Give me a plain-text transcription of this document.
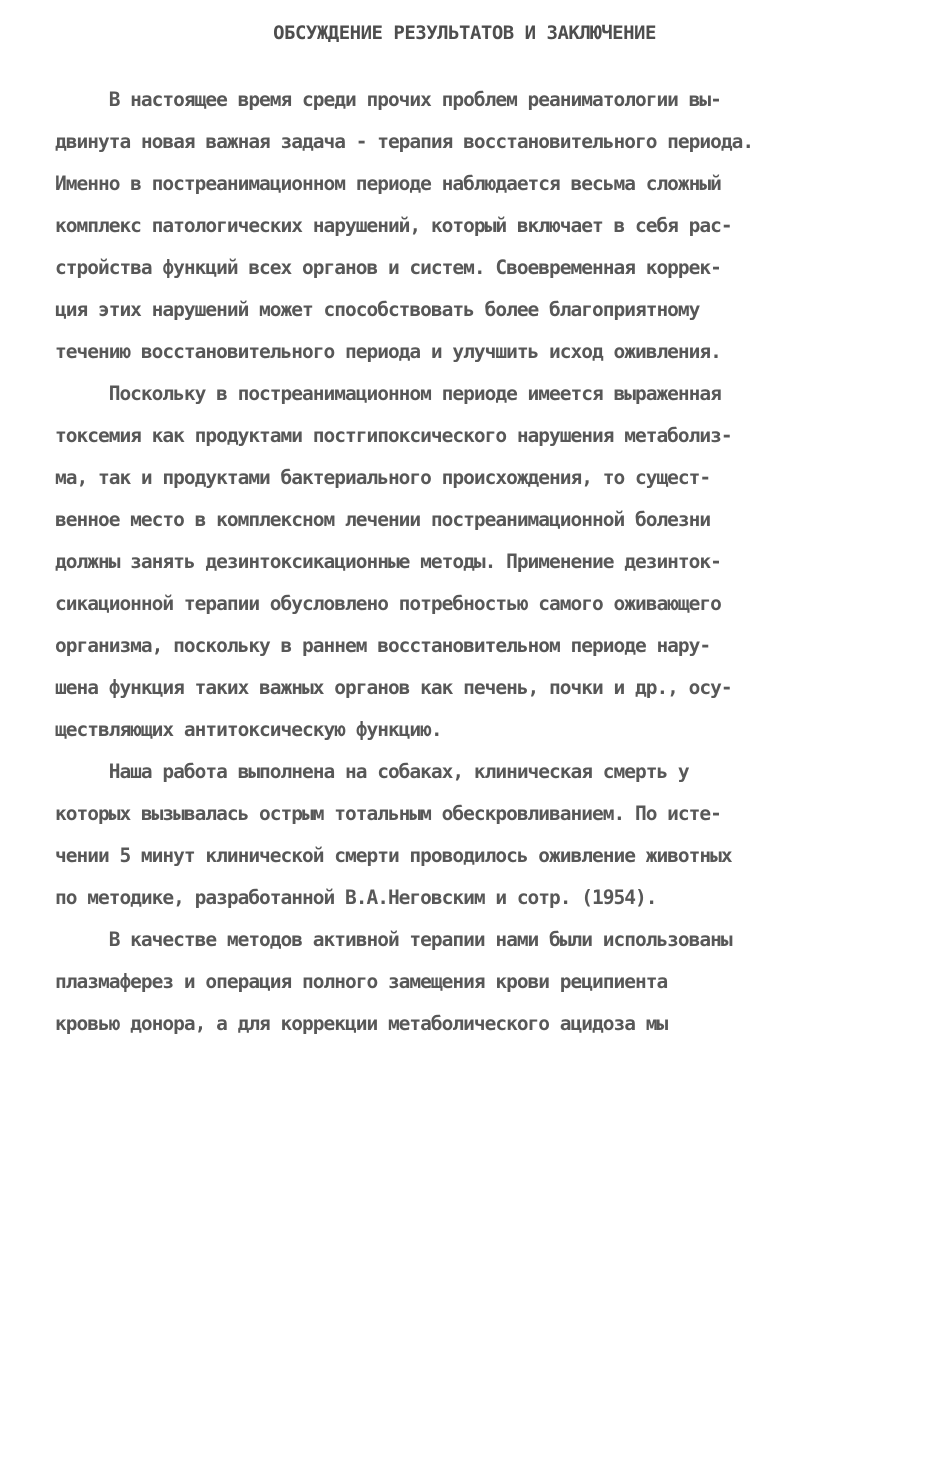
ОБСУЖДЕНИЕ РЕЗУЛЬТАТОВ И ЗАКЛЮЧЕНИЕ
В настоящее время среди прочих проблем реаниматологии вы-
двинута новая важная задача - терапия восстановительного периода.
Именно в постреанимационном периоде наблюдается весьма сложный
комплекс патологических нарушений, который включает в себя рас-
стройства функций всех органов и систем. Своевременная коррек-
ция этих нарушений может способствовать более благоприятному
течению восстановительного периода и улучшить исход оживления.
Поскольку в постреанимационном периоде имеется выраженная
токсемия как продуктами постгипоксического нарушения метаболиз-
ма, так и продуктами бактериального происхождения, то сущест-
венное место в комплексном лечении постреанимационной болезни
должны занять дезинтоксикационные методы. Применение дезинток-
сикационной терапии обусловлено потребностью самого оживающего
организма, поскольку в раннем восстановительном периоде нару-
шена функция таких важных органов как печень, почки и др., осу-
ществляющих антитоксическую функцию.
Наша работа выполнена на собаках, клиническая смерть у
которых вызывалась острым тотальным обескровливанием. По исте-
чении 5 минут клинической смерти проводилось оживление животных
по методике, разработанной В.А.Неговским и сотр. (1954).
В качестве методов активной терапии нами были использованы
плазмаферез и операция полного замещения крови реципиента
кровью донора, а для коррекции метаболического ацидоза мы
